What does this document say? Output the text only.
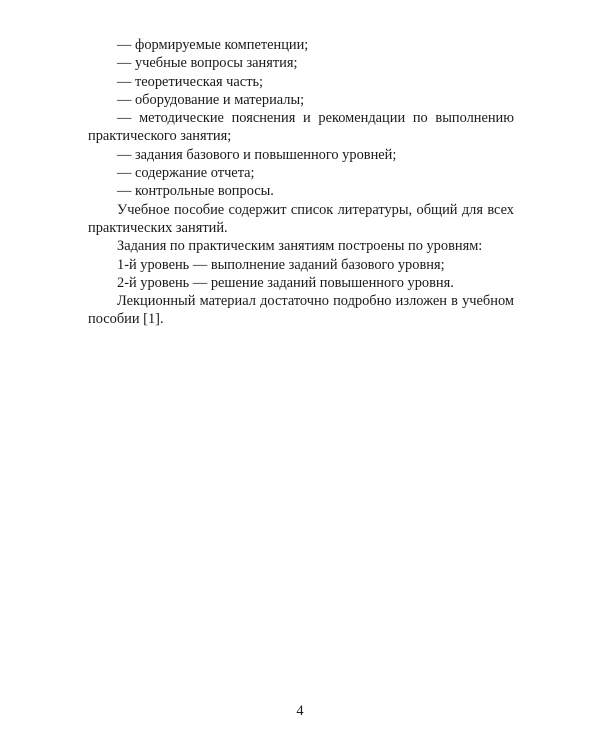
— формируемые компетенции;

— учебные вопросы занятия;

— теоретическая часть;

— оборудование и материалы;

— методические пояснения и рекомендации по выполнению практического занятия;

— задания базового и повышенного уровней;

— содержание отчета;

— контрольные вопросы.

Учебное пособие содержит список литературы, общий для всех практических занятий.

Задания по практическим занятиям построены по уровням:

1-й уровень — выполнение заданий базового уровня;

2-й уровень — решение заданий повышенного уровня.

Лекционный материал достаточно подробно изложен в учебном пособии [1].

4
